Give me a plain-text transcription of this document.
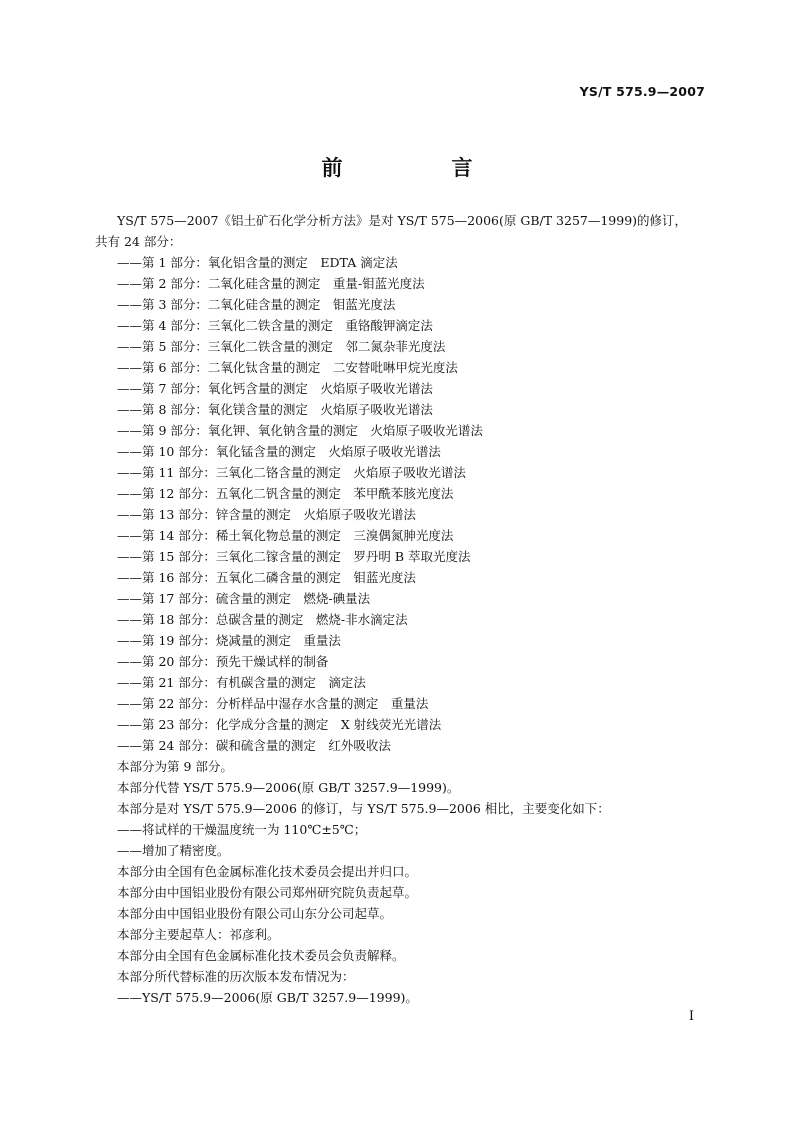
YS/T 575.9—2007
前　言

YS/T 575—2007《铝土矿石化学分析方法》是对 YS/T 575—2006(原 GB/T 3257—1999)的修订，

共有 24 部分：

——第 1 部分：氧化铝含量的测定　EDTA 滴定法

——第 2 部分：二氧化硅含量的测定　重量-钼蓝光度法

——第 3 部分：二氧化硅含量的测定　钼蓝光度法

——第 4 部分：三氧化二铁含量的测定　重铬酸钾滴定法

——第 5 部分：三氧化二铁含量的测定　邻二氮杂菲光度法

——第 6 部分：二氧化钛含量的测定　二安替吡啉甲烷光度法

——第 7 部分：氧化钙含量的测定　火焰原子吸收光谱法

——第 8 部分：氧化镁含量的测定　火焰原子吸收光谱法

——第 9 部分：氧化钾、氧化钠含量的测定　火焰原子吸收光谱法

——第 10 部分：氧化锰含量的测定　火焰原子吸收光谱法

——第 11 部分：三氧化二铬含量的测定　火焰原子吸收光谱法

——第 12 部分：五氧化二钒含量的测定　苯甲酰苯胲光度法

——第 13 部分：锌含量的测定　火焰原子吸收光谱法

——第 14 部分：稀土氧化物总量的测定　三溴偶氮胂光度法

——第 15 部分：三氧化二镓含量的测定　罗丹明 B 萃取光度法

——第 16 部分：五氧化二磷含量的测定　钼蓝光度法

——第 17 部分：硫含量的测定　燃烧-碘量法

——第 18 部分：总碳含量的测定　燃烧-非水滴定法

——第 19 部分：烧减量的测定　重量法

——第 20 部分：预先干燥试样的制备

——第 21 部分：有机碳含量的测定　滴定法

——第 22 部分：分析样品中湿存水含量的测定　重量法

——第 23 部分：化学成分含量的测定　X 射线荧光光谱法

——第 24 部分：碳和硫含量的测定　红外吸收法

本部分为第 9 部分。

本部分代替 YS/T 575.9—2006(原 GB/T 3257.9—1999)。

本部分是对 YS/T 575.9—2006 的修订，与 YS/T 575.9—2006 相比，主要变化如下：

——将试样的干燥温度统一为 110℃±5℃；

——增加了精密度。

本部分由全国有色金属标准化技术委员会提出并归口。

本部分由中国铝业股份有限公司郑州研究院负责起草。

本部分由中国铝业股份有限公司山东分公司起草。

本部分主要起草人：祁彦利。

本部分由全国有色金属标准化技术委员会负责解释。

本部分所代替标准的历次版本发布情况为：

——YS/T 575.9—2006(原 GB/T 3257.9—1999)。

I
